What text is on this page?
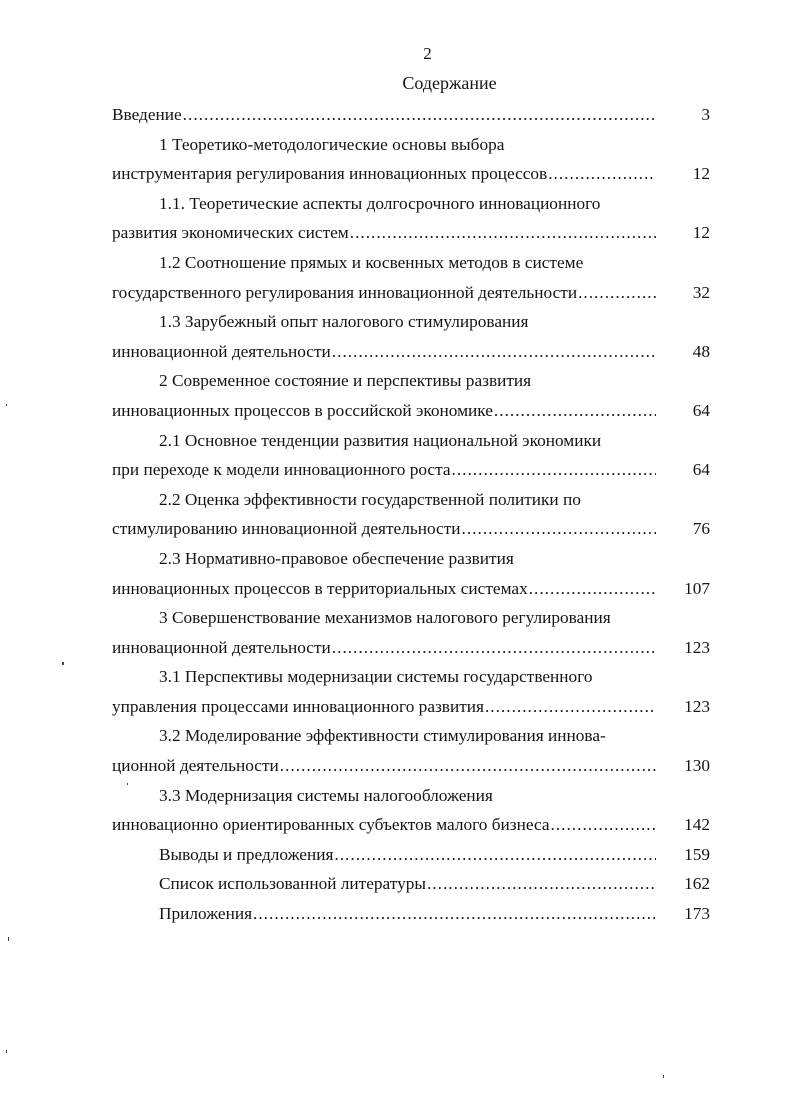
2
Содержание
Введение .....	3
1 Теоретико-методологические основы выбора
инструментария регулирования инновационных процессов .....	12
1.1. Теоретические аспекты долгосрочного инновационного
развития экономических систем .....	12
1.2 Соотношение прямых и косвенных методов в системе
государственного регулирования инновационной деятельности .....	32
1.3 Зарубежный опыт налогового стимулирования
инновационной деятельности .....	48
2 Современное состояние и перспективы развития
инновационных процессов в российской экономике .....	64
2.1 Основное тенденции развития национальной экономики
при переходе к модели инновационного роста .....	64
2.2 Оценка эффективности государственной политики по
стимулированию инновационной деятельности .....	76
2.3 Нормативно-правовое обеспечение развития
инновационных процессов в территориальных системах .....	107
3 Совершенствование механизмов налогового регулирования
инновационной деятельности .....	123
3.1 Перспективы модернизации системы государственного
управления процессами инновационного развития .....	123
3.2 Моделирование эффективности стимулирования иннова-
ционной деятельности .....	130
3.3 Модернизация системы налогообложения
инновационно ориентированных субъектов малого бизнеса .....	142
Выводы и предложения .....	159
Список использованной литературы .....	162
Приложения .....	173
